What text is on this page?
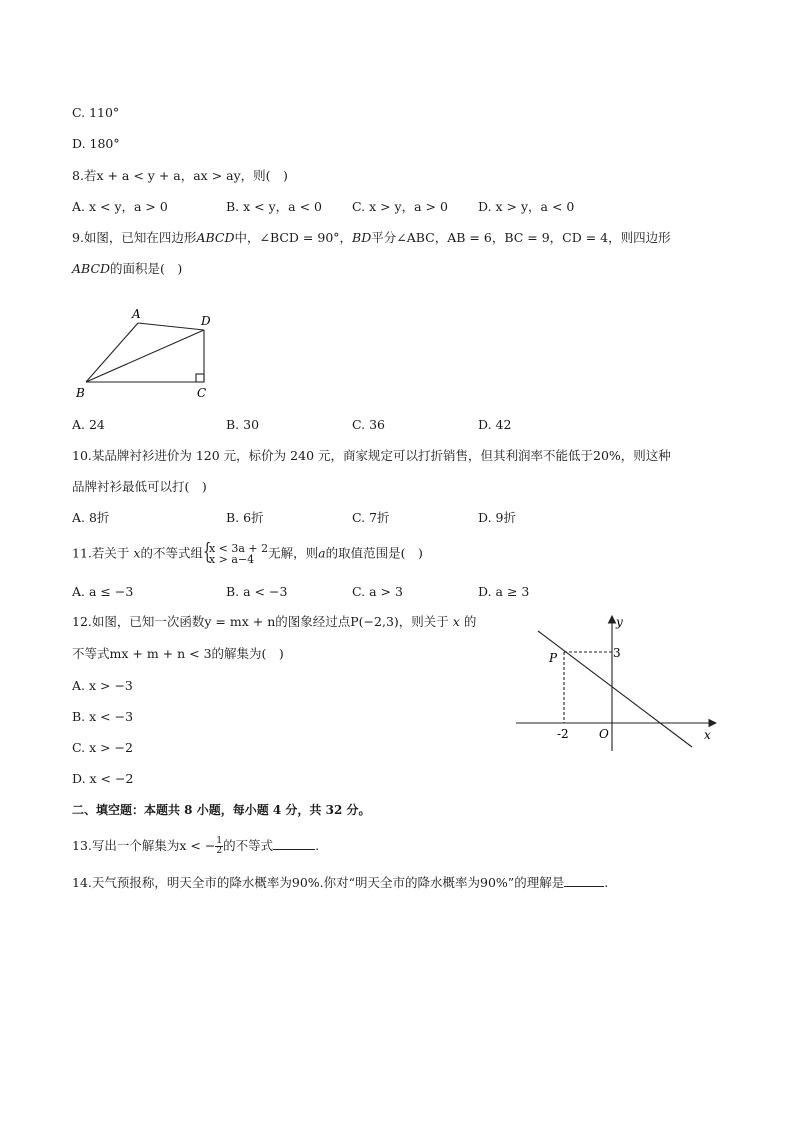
C. 110°
D. 180°
8.若x + a < y + a，ax > ay，则(　)
A. x < y，a > 0	B. x < y，a < 0 C. x > y，a > 0 D. x > y，a < 0
9.如图，已知在四边形ABCD中，∠BCD = 90°，BD平分∠ABC，AB = 6，BC = 9，CD = 4，则四边形
ABCD的面积是(　)
A	D
B	C
A. 24	B. 30	C. 36	D. 42
10.某品牌衬衫进价为 120 元，标价为 240 元，商家规定可以打折销售，但其利润率不能低于20%，则这种
品牌衬衫最低可以打(　)
A. 8折	B. 6折	C. 7折	D. 9折
11.若关于 x的不等式组 {
x < 3a + 2
x > a−4	无解，则a的取值范围是(　)
A. a ≤ −3	B. a < −3	C. a > 3	D. a ≥ 3
12.如图，已知一次函数y = mx + n的图象经过点P(−2,3)，则关于 x 的
不等式mx + m + n < 3的解集为(　)
A. x > −3
B. x < −3
C. x > −2
D. x < −2
y
x
P	3
-2	O
二、填空题：本题共 8 小题，每小题 4 分，共 32 分。
13.写出一个解集为x < − $\frac{1}{2}$ 的不等式	.
14.天气预报称，明天全市的降水概率为90%.你对“明天全市的降水概率为90%”的理解是	.
